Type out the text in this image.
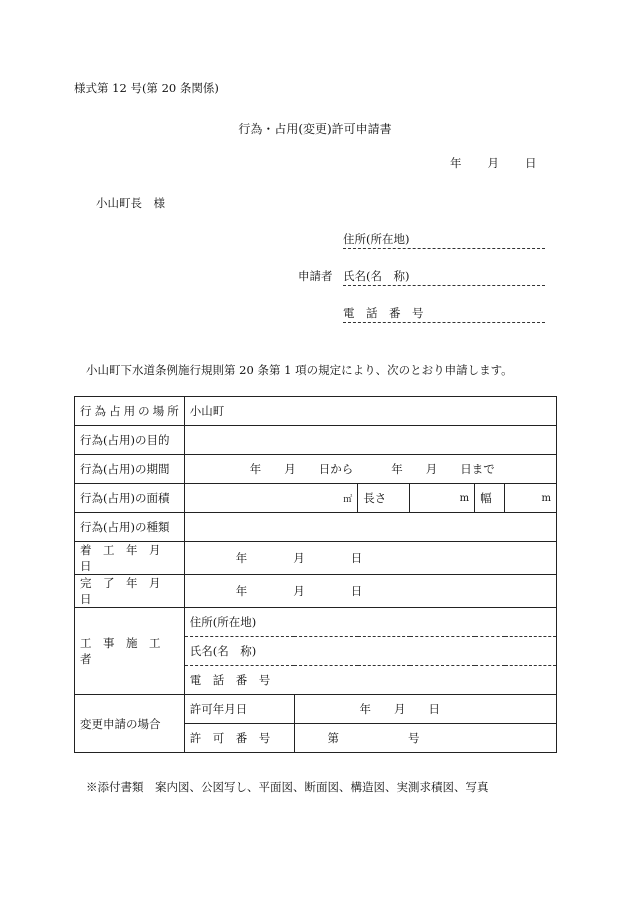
様式第 12 号(第 20 条関係)
行為・占用(変更)許可申請書
年 月 日
小山町長　様
住所(所在地)
申請者 氏名(名　称)
電　話　番　号
小山町下水道条例施行規則第 20 条第 1 項の規定により、次のとおり申請します。
行為占用の場所	小山町					
行為(占用)の目的						
行為(占用)の期間	年　　月　　日から 年　　月　　日まで					
行為(占用)の面積	㎡		長さ	m	幅	m
行為(占用)の種類						
着　工　年　月　日	年　　　　月　　　　日					
完　了　年　月　日	年　　　　月　　　　日					
工　事　施　工　者	住所(所在地)					
	氏名(名　称)					
	電　話　番　号					
変更申請の場合	許可年月日	年　　月　　日				
	許　可　番　号	第　　　　　　号				
※添付書類　案内図、公図写し、平面図、断面図、構造図、実測求積図、写真
